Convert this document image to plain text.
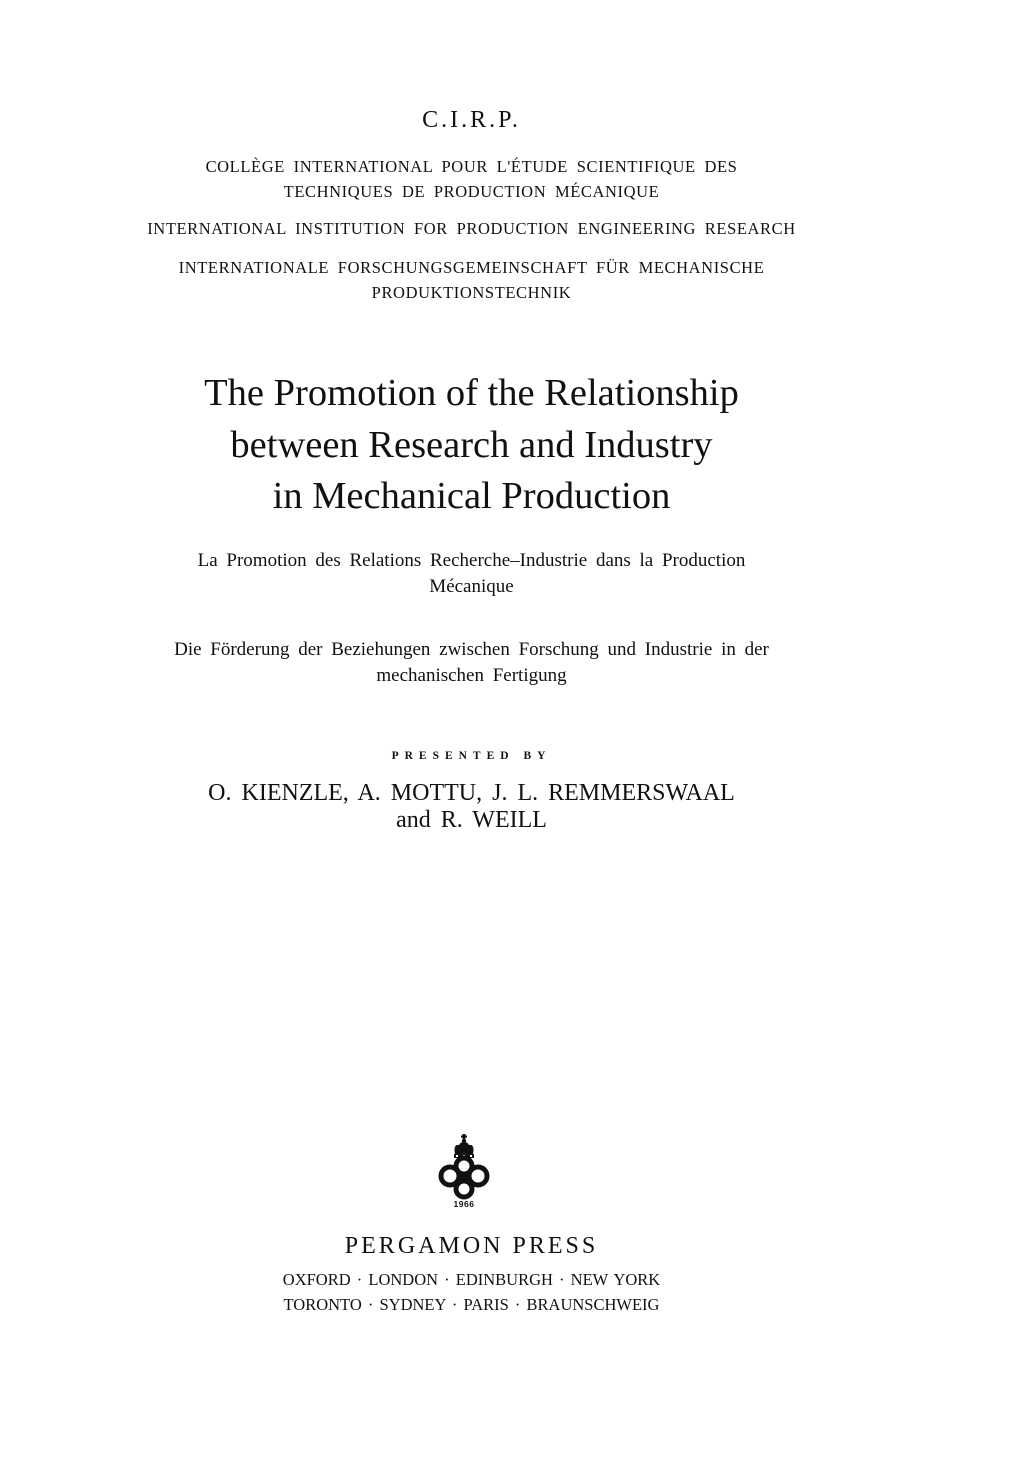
C.I.R.P.

COLLÈGE INTERNATIONAL POUR L'ÉTUDE SCIENTIFIQUE DES

TECHNIQUES DE PRODUCTION MÉCANIQUE

INTERNATIONAL INSTITUTION FOR PRODUCTION ENGINEERING RESEARCH

INTERNATIONALE FORSCHUNGSGEMEINSCHAFT FÜR MECHANISCHE

PRODUKTIONSTECHNIK

The Promotion of the Relationship

between Research and Industry

in Mechanical Production

La Promotion des Relations Recherche–Industrie dans la Production

Mécanique

Die Förderung der Beziehungen zwischen Forschung und Industrie in der

mechanischen Fertigung

PRESENTED BY

O. KIENZLE, A. MOTTU, J. L. REMMERSWAAL

and R. WEILL

1966

PERGAMON PRESS

OXFORD · LONDON · EDINBURGH · NEW YORK

TORONTO · SYDNEY · PARIS · BRAUNSCHWEIG
